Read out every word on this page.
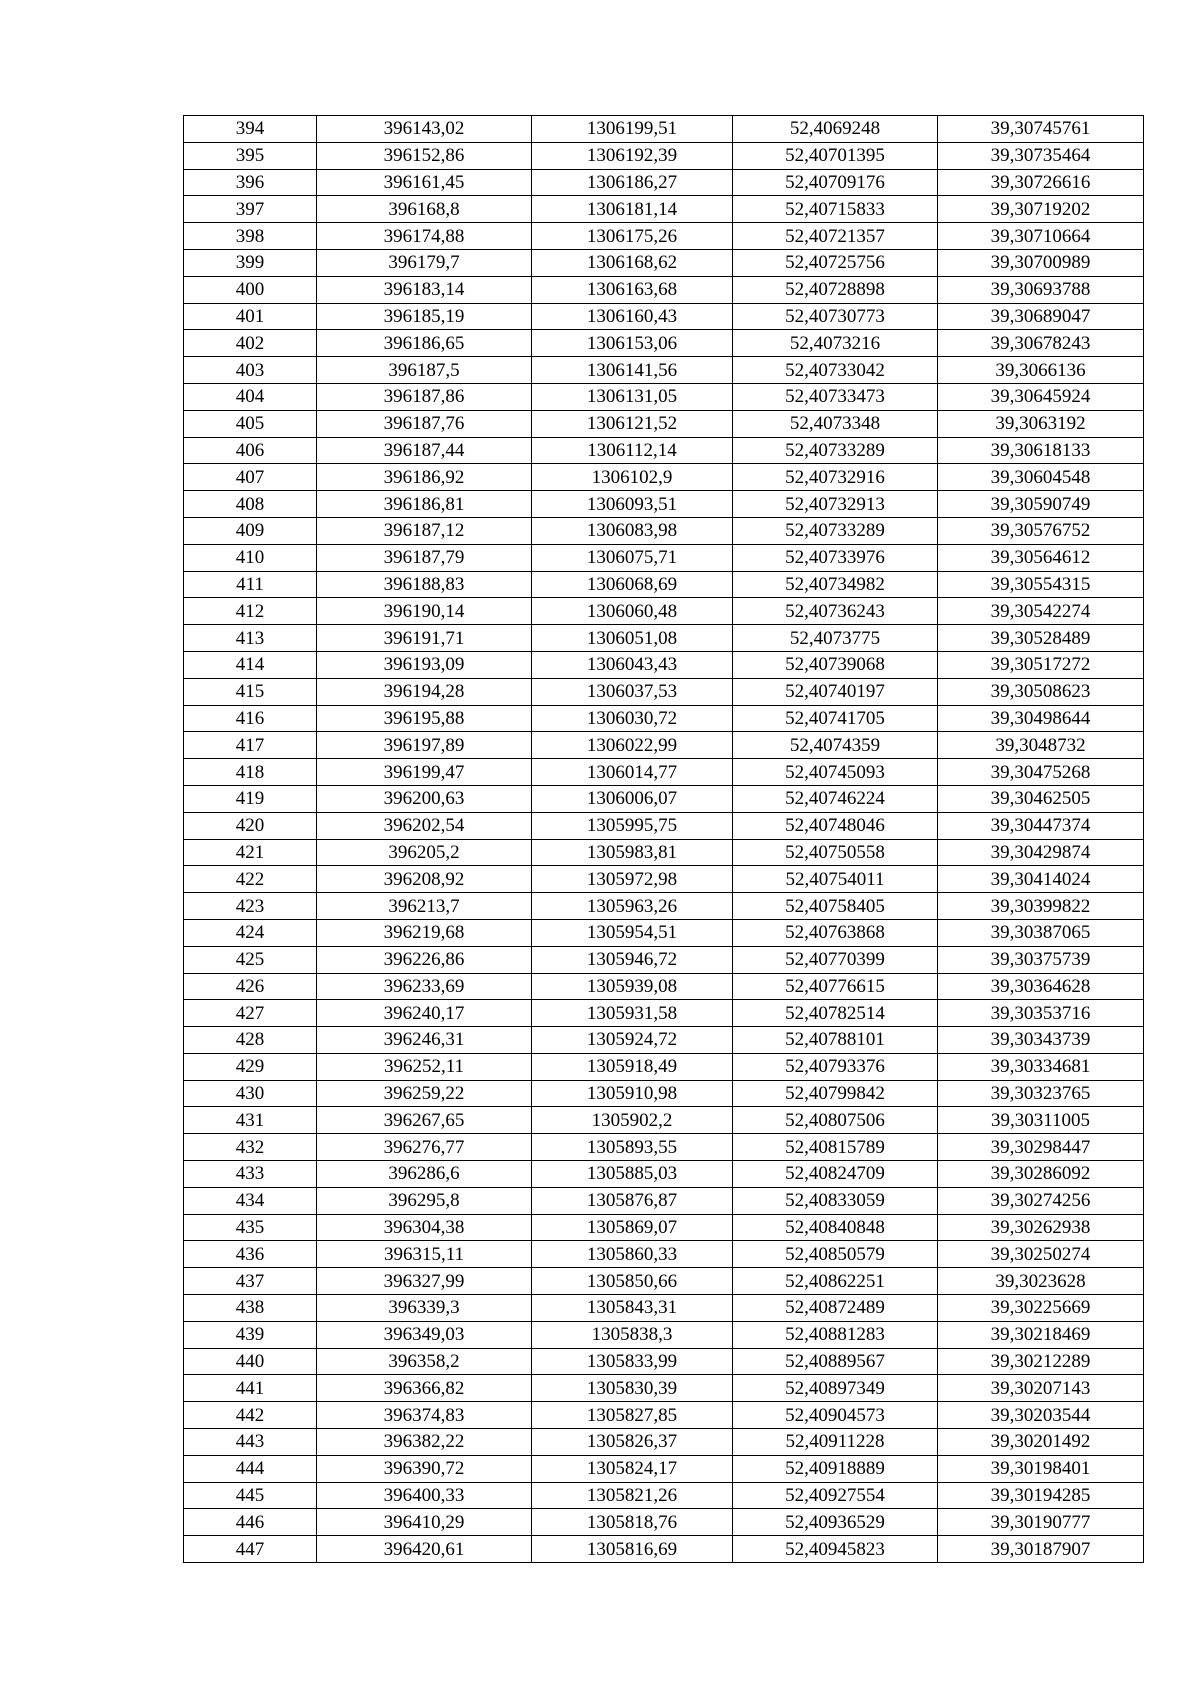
394	396143,02	1306199,51	52,4069248	39,30745761
395	396152,86	1306192,39	52,40701395	39,30735464
396	396161,45	1306186,27	52,40709176	39,30726616
397	396168,8	1306181,14	52,40715833	39,30719202
398	396174,88	1306175,26	52,40721357	39,30710664
399	396179,7	1306168,62	52,40725756	39,30700989
400	396183,14	1306163,68	52,40728898	39,30693788
401	396185,19	1306160,43	52,40730773	39,30689047
402	396186,65	1306153,06	52,4073216	39,30678243
403	396187,5	1306141,56	52,40733042	39,3066136
404	396187,86	1306131,05	52,40733473	39,30645924
405	396187,76	1306121,52	52,4073348	39,3063192
406	396187,44	1306112,14	52,40733289	39,30618133
407	396186,92	1306102,9	52,40732916	39,30604548
408	396186,81	1306093,51	52,40732913	39,30590749
409	396187,12	1306083,98	52,40733289	39,30576752
410	396187,79	1306075,71	52,40733976	39,30564612
411	396188,83	1306068,69	52,40734982	39,30554315
412	396190,14	1306060,48	52,40736243	39,30542274
413	396191,71	1306051,08	52,4073775	39,30528489
414	396193,09	1306043,43	52,40739068	39,30517272
415	396194,28	1306037,53	52,40740197	39,30508623
416	396195,88	1306030,72	52,40741705	39,30498644
417	396197,89	1306022,99	52,4074359	39,3048732
418	396199,47	1306014,77	52,40745093	39,30475268
419	396200,63	1306006,07	52,40746224	39,30462505
420	396202,54	1305995,75	52,40748046	39,30447374
421	396205,2	1305983,81	52,40750558	39,30429874
422	396208,92	1305972,98	52,40754011	39,30414024
423	396213,7	1305963,26	52,40758405	39,30399822
424	396219,68	1305954,51	52,40763868	39,30387065
425	396226,86	1305946,72	52,40770399	39,30375739
426	396233,69	1305939,08	52,40776615	39,30364628
427	396240,17	1305931,58	52,40782514	39,30353716
428	396246,31	1305924,72	52,40788101	39,30343739
429	396252,11	1305918,49	52,40793376	39,30334681
430	396259,22	1305910,98	52,40799842	39,30323765
431	396267,65	1305902,2	52,40807506	39,30311005
432	396276,77	1305893,55	52,40815789	39,30298447
433	396286,6	1305885,03	52,40824709	39,30286092
434	396295,8	1305876,87	52,40833059	39,30274256
435	396304,38	1305869,07	52,40840848	39,30262938
436	396315,11	1305860,33	52,40850579	39,30250274
437	396327,99	1305850,66	52,40862251	39,3023628
438	396339,3	1305843,31	52,40872489	39,30225669
439	396349,03	1305838,3	52,40881283	39,30218469
440	396358,2	1305833,99	52,40889567	39,30212289
441	396366,82	1305830,39	52,40897349	39,30207143
442	396374,83	1305827,85	52,40904573	39,30203544
443	396382,22	1305826,37	52,40911228	39,30201492
444	396390,72	1305824,17	52,40918889	39,30198401
445	396400,33	1305821,26	52,40927554	39,30194285
446	396410,29	1305818,76	52,40936529	39,30190777
447	396420,61	1305816,69	52,40945823	39,30187907
